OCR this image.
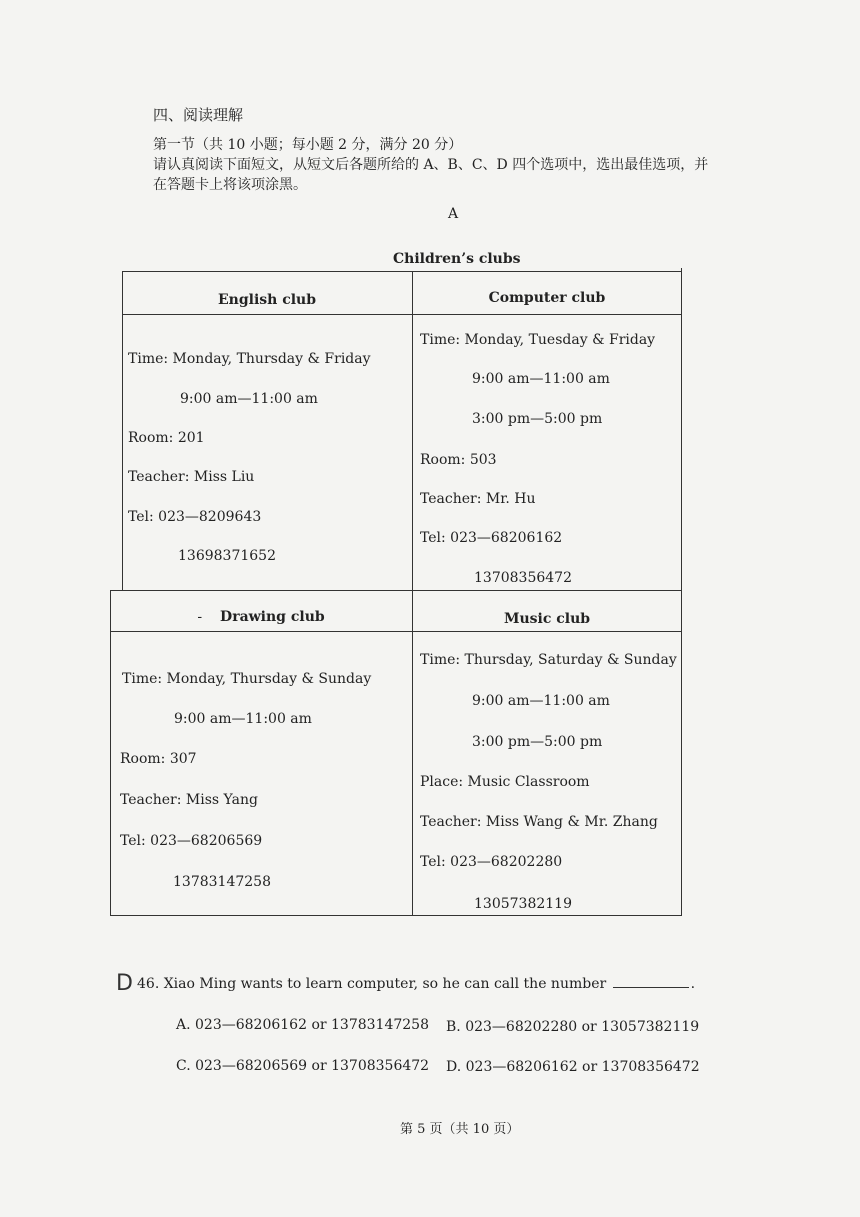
四、阅读理解
第一节（共 10 小题；每小题 2 分，满分 20 分）
请认真阅读下面短文，从短文后各题所给的 A、B、C、D 四个选项中，选出最佳选项，并
在答题卡上将该项涂黑。
A
Children’s clubs
English club
Time: Monday, Thursday & Friday
9:00 am—11:00 am
Room: 201
Teacher: Miss Liu
Tel: 023—8209643
13698371652
Computer club
Time: Monday, Tuesday & Friday
9:00 am—11:00 am
3:00 pm—5:00 pm
Room: 503
Teacher: Mr. Hu
Tel: 023—68206162
13708356472
- Drawing club
Time: Monday, Thursday & Sunday
9:00 am—11:00 am
Room: 307
Teacher: Miss Yang
Tel: 023—68206569
13783147258
Music club
Time: Thursday, Saturday & Sunday
9:00 am—11:00 am
3:00 pm—5:00 pm
Place: Music Classroom
Teacher: Miss Wang & Mr. Zhang
Tel: 023—68202280
13057382119
D 46. Xiao Ming wants to learn computer, so he can call the number	.
A. 023—68206162 or 13783147258 B. 023—68202280 or 13057382119
C. 023—68206569 or 13708356472 D. 023—68206162 or 13708356472
第 5 页（共 10 页）
